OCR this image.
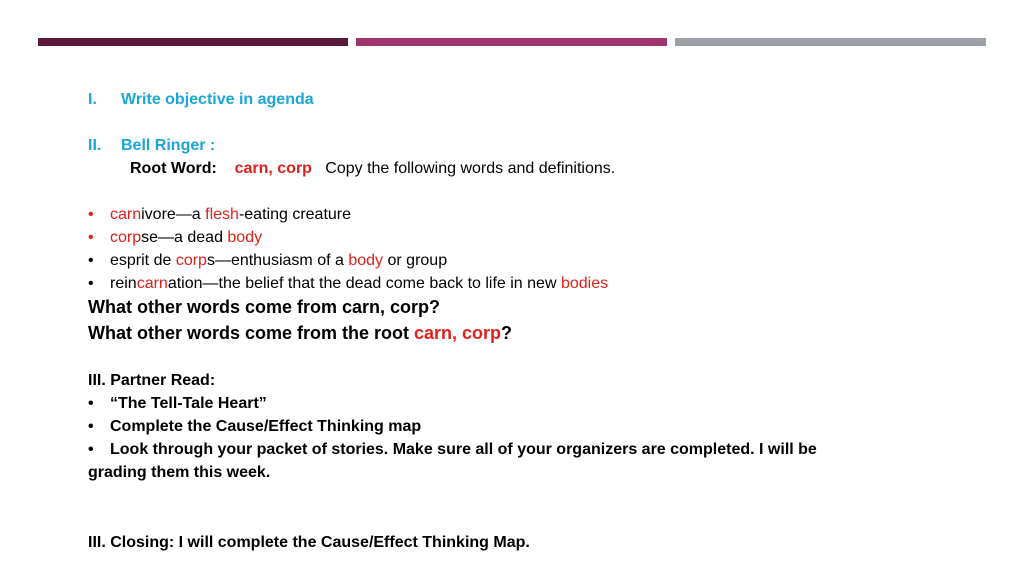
I. Write objective in agenda
II. Bell Ringer :
Root Word: carn, corp Copy the following words and definitions.
• carnivore—a flesh-eating creature
• corpse—a dead body
• esprit de corps—enthusiasm of a body or group
• reincarnation—the belief that the dead come back to life in new bodies
What other words come from carn, corp?
What other words come from the root carn, corp?
III. Partner Read:
• “The Tell-Tale Heart”
• Complete the Cause/Effect Thinking map
• Look through your packet of stories. Make sure all of your organizers are completed. I will be
grading them this week.
III. Closing: I will complete the Cause/Effect Thinking Map.
